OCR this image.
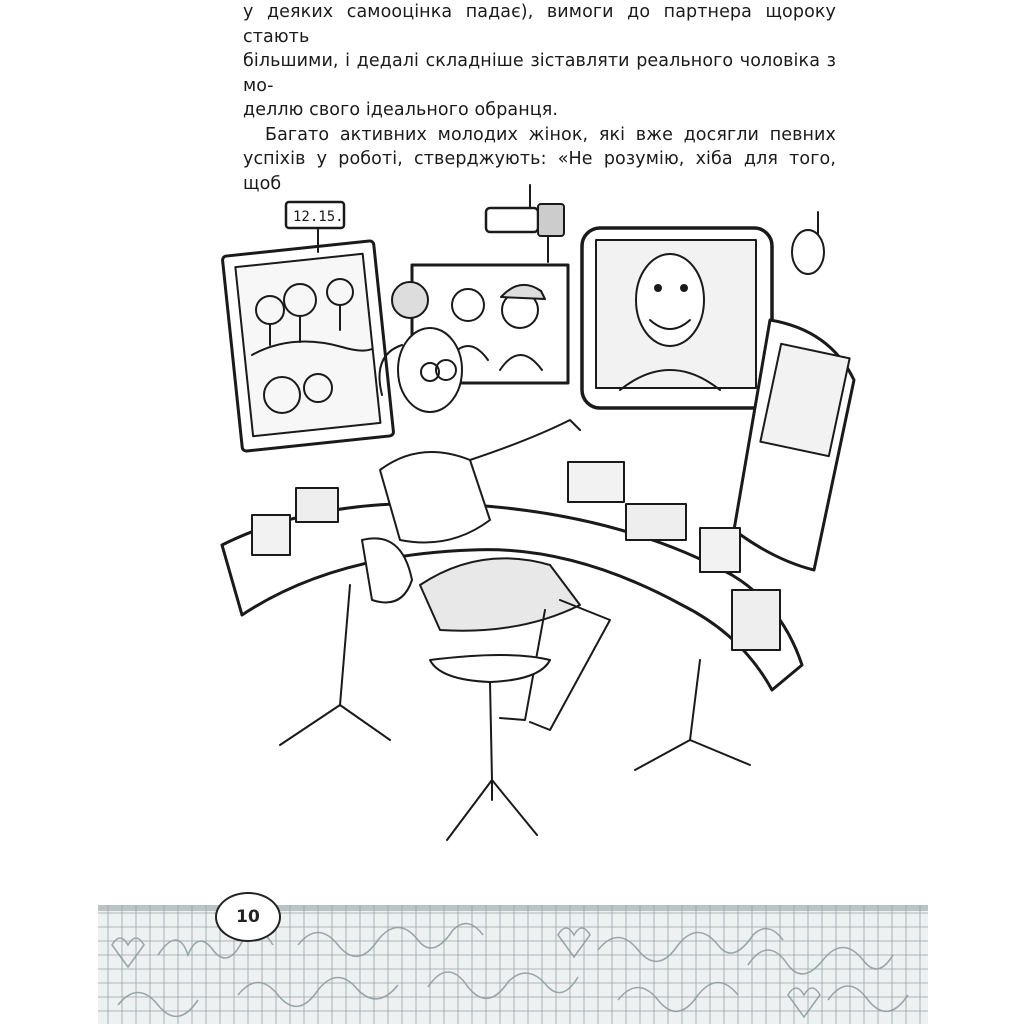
у деяких самооцінка падає), вимоги до партнера щороку стають

більшими, і дедалі складніше зіставляти реального чоловіка з мо-

деллю свого ідеального обранця.

Багато активних молодих жінок, які вже досягли певних

успіхів у роботі, стверджують: «Не розумію, хіба для того, щоб

12.15.
10
